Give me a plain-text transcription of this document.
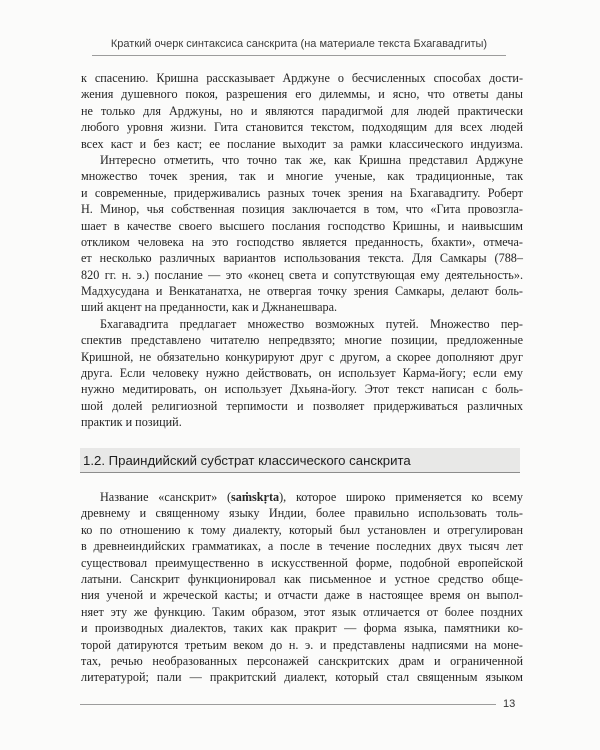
Краткий очерк синтаксиса санскрита (на материале текста Бхагавадгиты)
к спасению. Кришна рассказывает Арджуне о бесчисленных способах дости-
жения душевного покоя, разрешения его дилеммы, и ясно, что ответы даны
не только для Арджуны, но и являются парадигмой для людей практически
любого уровня жизни. Гита становится текстом, подходящим для всех людей
всех каст и без каст; ее послание выходит за рамки классического индуизма.
Интересно отметить, что точно так же, как Кришна представил Арджуне
множество точек зрения, так и многие ученые, как традиционные, так
и современные, придерживались разных точек зрения на Бхагавадгиту. Роберт
Н. Минор, чья собственная позиция заключается в том, что «Гита провозгла-
шает в качестве своего высшего послания господство Кришны, и наивысшим
откликом человека на это господство является преданность, бхакти», отмеча-
ет несколько различных вариантов использования текста. Для Самкары (788–
820 гг. н. э.) послание — это «конец света и сопутствующая ему деятельность».
Мадхусудана и Венкатанатха, не отвергая точку зрения Самкары, делают боль-
ший акцент на преданности, как и Джнанешвара.
Бхагавадгита предлагает множество возможных путей. Множество пер-
спектив представлено читателю непредвзято; многие позиции, предложенные
Кришной, не обязательно конкурируют друг с другом, а скорее дополняют друг
друга. Если человеку нужно действовать, он использует Карма-йогу; если ему
нужно медитировать, он использует Дхьяна-йогу. Этот текст написан с боль-
шой долей религиозной терпимости и позволяет придерживаться различных
практик и позиций.
1.2. Праиндийский субстрат классического санскрита
Название «санскрит» (saṁskṛta), которое широко применяется ко всему
древнему и священному языку Индии, более правильно использовать толь-
ко по отношению к тому диалекту, который был установлен и отрегулирован
в древнеиндийских грамматиках, а после в течение последних двух тысяч лет
существовал преимущественно в искусственной форме, подобной европейской
латыни. Санскрит функционировал как письменное и устное средство обще-
ния ученой и жреческой касты; и отчасти даже в настоящее время он выпол-
няет эту же функцию. Таким образом, этот язык отличается от более поздних
и производных диалектов, таких как пракрит — форма языка, памятники ко-
торой датируются третьим веком до н. э. и представлены надписями на моне-
тах, речью необразованных персонажей санскритских драм и ограниченной
литературой; пали — пракритский диалект, который стал священным языком
13
